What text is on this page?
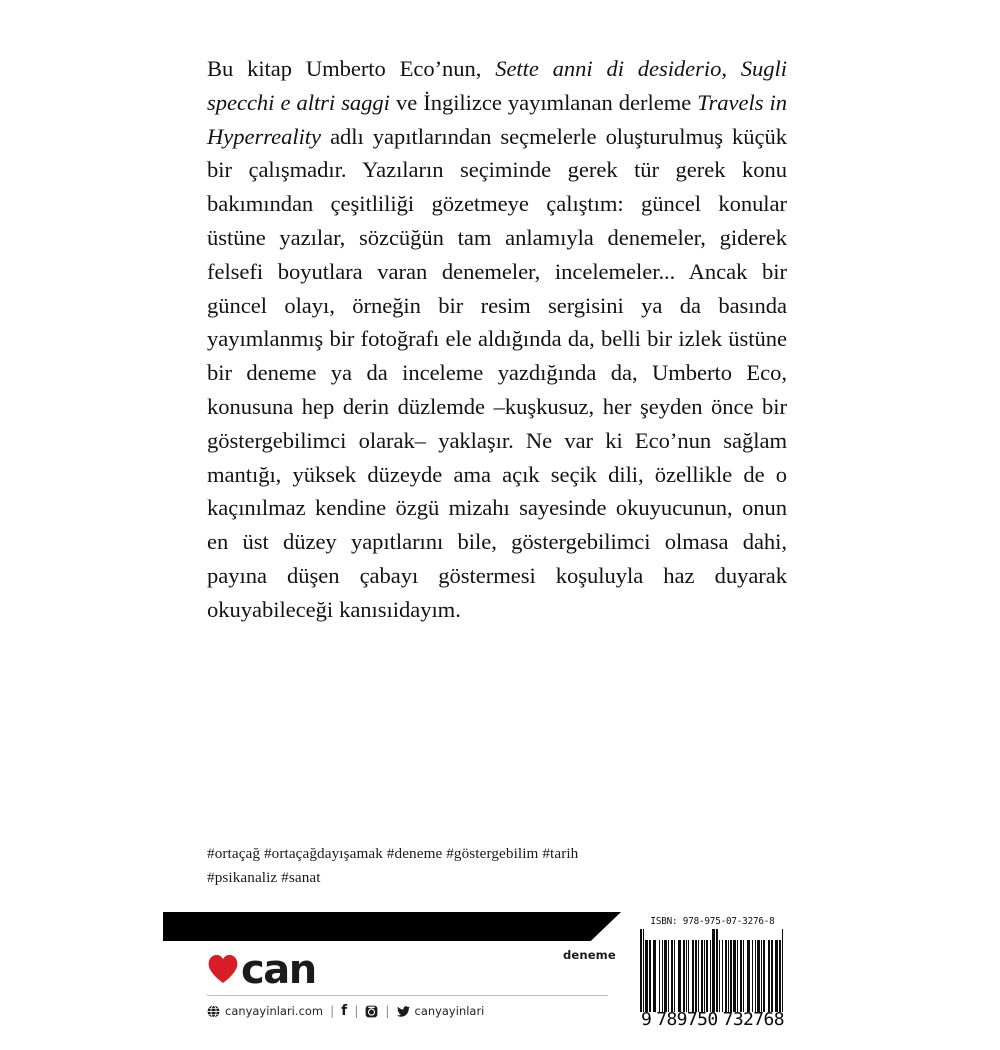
Bu kitap Umberto Eco’nun, Sette anni di desiderio, Sugli specchi e altri saggi ve İngilizce yayımlanan derleme Travels in Hyperreality adlı yapıtlarından seçmelerle oluşturulmuş küçük bir çalışmadır. Yazıların seçiminde gerek tür gerek konu bakımından çeşitliliği gözetmeye çalıştım: güncel konular üstüne yazılar, sözcüğün tam anlamıyla denemeler, giderek felsefi boyutlara varan denemeler, incelemeler... Ancak bir güncel olayı, örneğin bir resim sergisini ya da basında yayımlanmış bir fotoğrafı ele aldığında da, belli bir izlek üstüne bir deneme ya da inceleme yazdığında da, Umberto Eco, konusuna hep derin düzlemde –kuşkusuz, her şeyden önce bir göstergebilimci olarak– yaklaşır. Ne var ki Eco’nun sağlam mantığı, yüksek düzeyde ama açık seçik dili, özellikle de o kaçınılmaz kendine özgü mizahı sayesinde okuyucunun, onun en üst düzey yapıtlarını bile, göstergebilimci olmasa dahi, payına düşen çabayı göstermesi koşuluyla haz duyarak okuyabileceği kanısıidayım.
#ortaçağ #ortaçağdayışamak #deneme #göstergebilim #tarih
#psikanaliz #sanat
can
canyayinlari.com | f | | canyayinlari
deneme
ISBN: 978-975-07-3276-8
9 789750 732768
